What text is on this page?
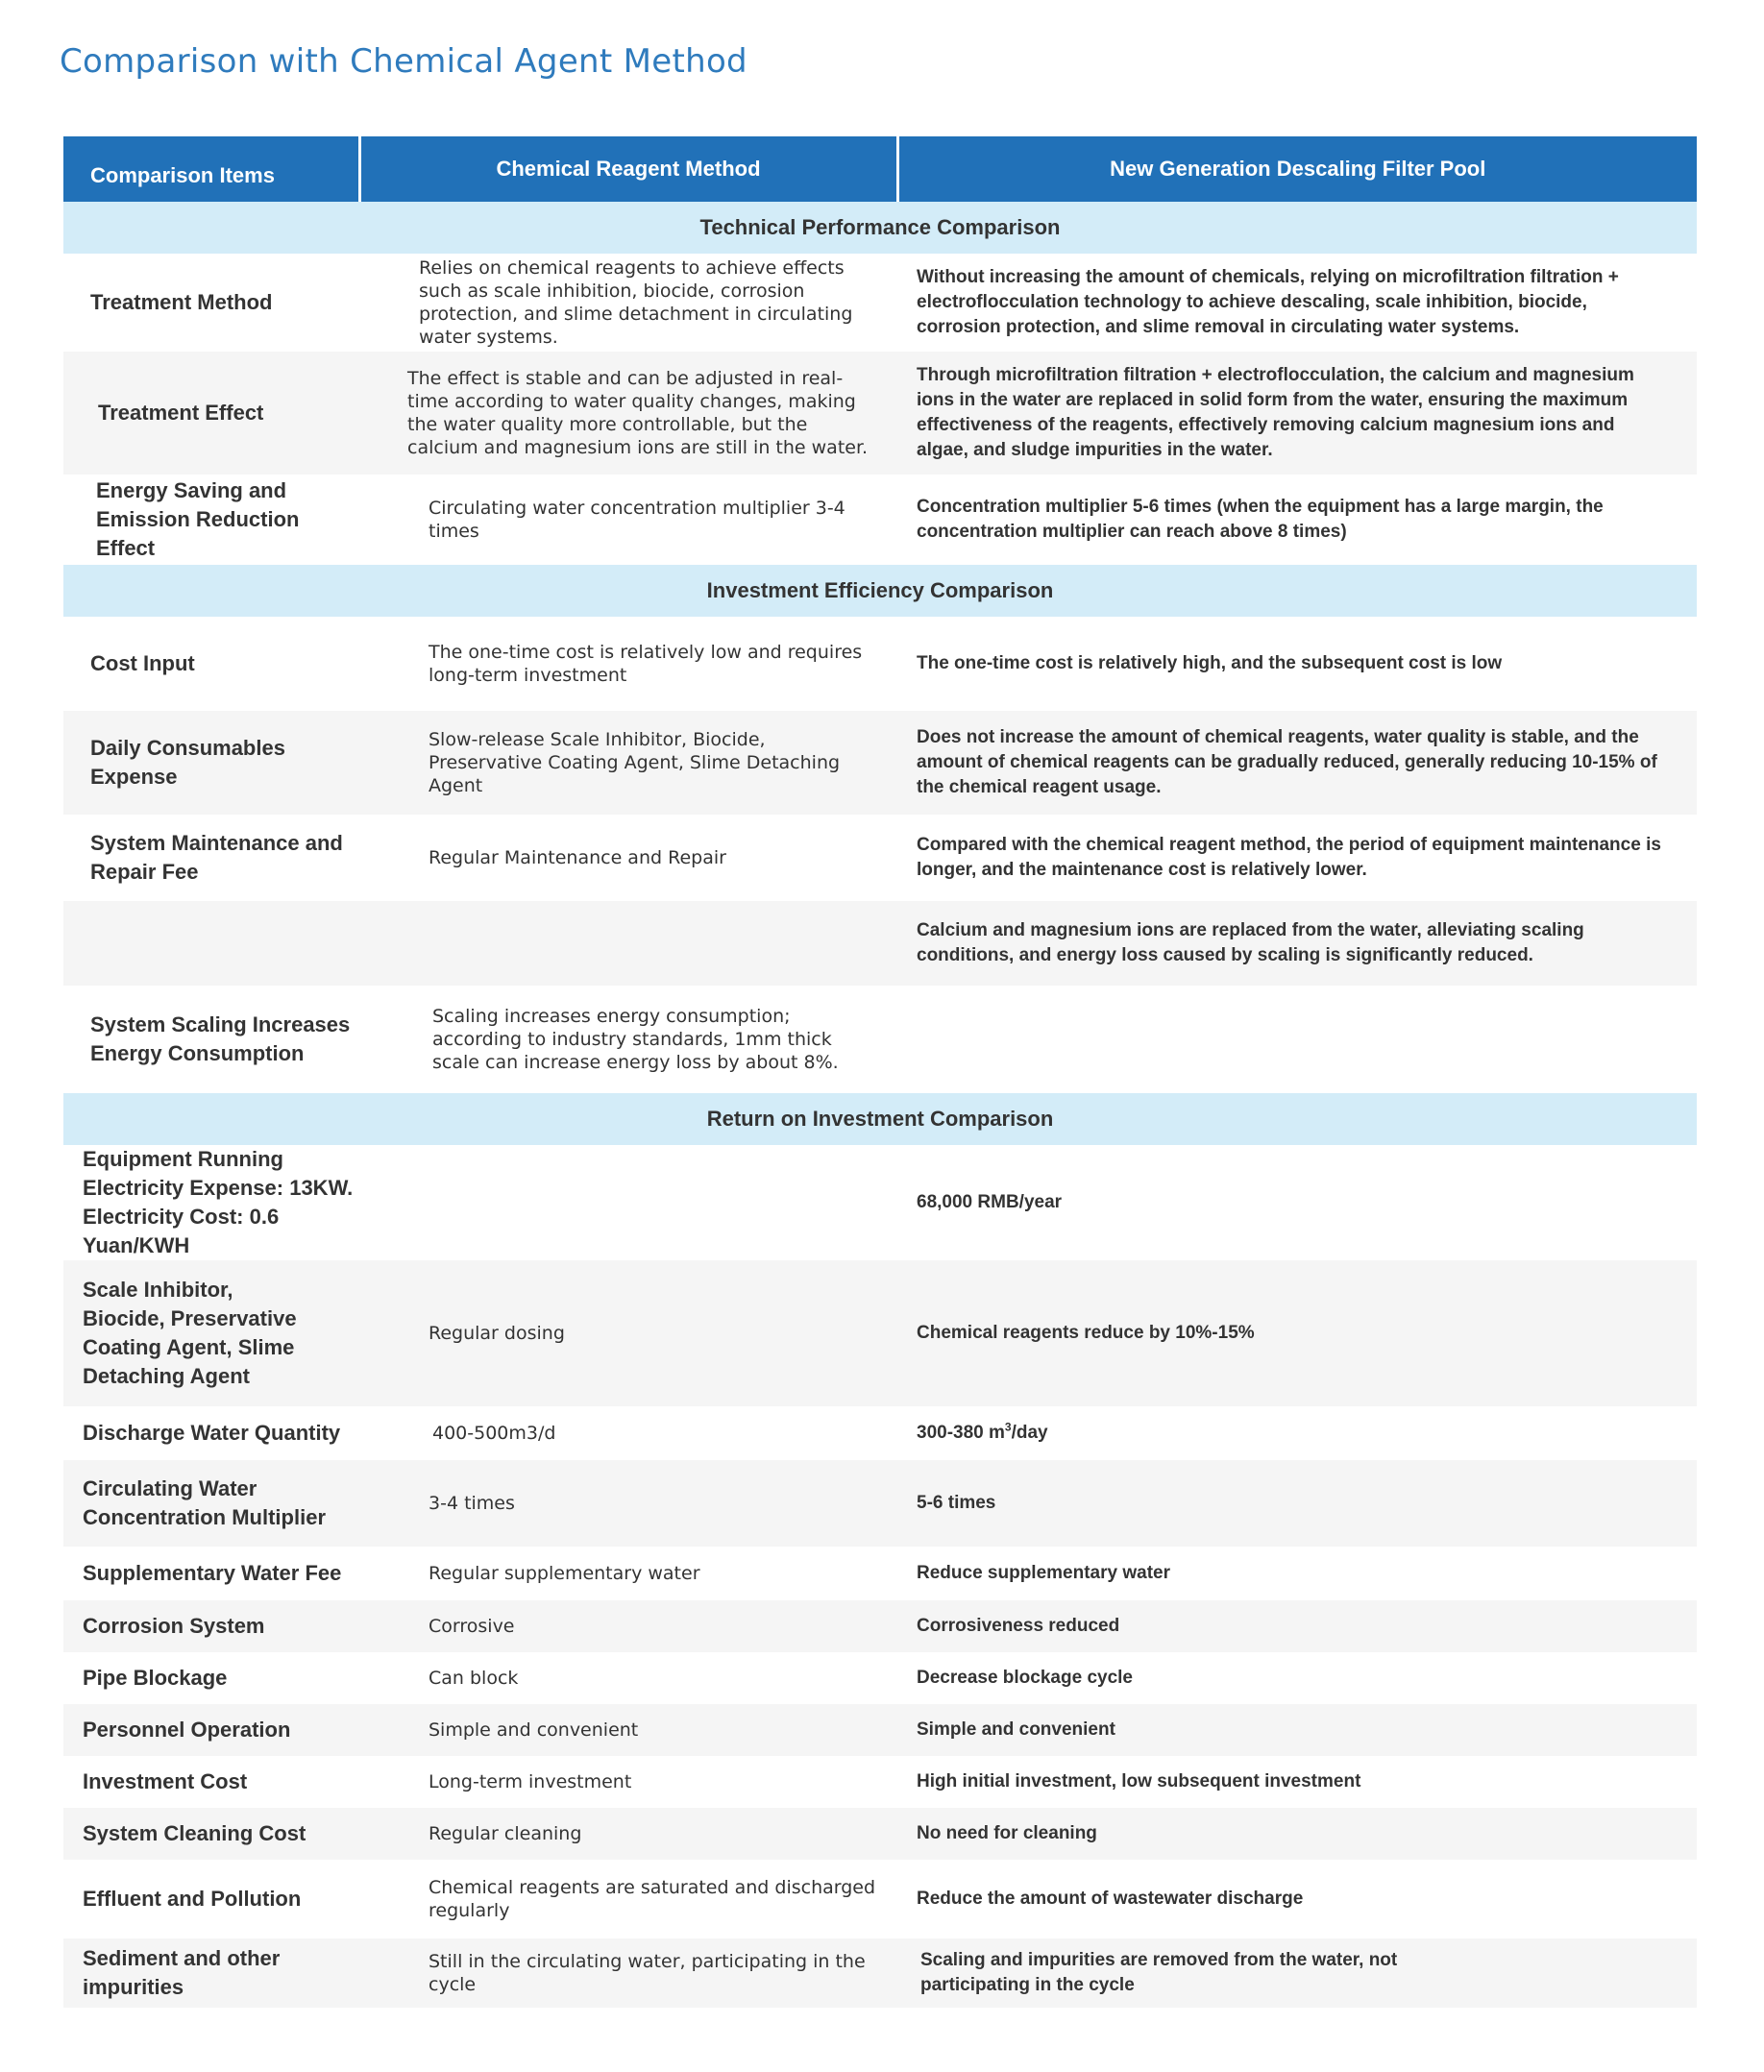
Comparison with Chemical Agent Method
Comparison Items	Chemical Reagent Method	New Generation Descaling Filter Pool
Technical Performance Comparison		
Treatment Method	Relies on chemical reagents to achieve effects such as scale inhibition, biocide, corrosion protection, and slime detachment in circulating water systems.	Without increasing the amount of chemicals, relying on microfiltration filtration + electroflocculation technology to achieve descaling, scale inhibition, biocide, corrosion protection, and slime removal in circulating water systems.
Treatment Effect	The effect is stable and can be adjusted in real-time according to water quality changes, making the water quality more controllable, but the calcium and magnesium ions are still in the water.	Through microfiltration filtration + electroflocculation, the calcium and magnesium ions in the water are replaced in solid form from the water, ensuring the maximum effectiveness of the reagents, effectively removing calcium magnesium ions and algae, and sludge impurities in the water.
Energy Saving and Emission Reduction Effect	Circulating water concentration multiplier 3-4 times	Concentration multiplier 5-6 times (when the equipment has a large margin, the concentration multiplier can reach above 8 times)
Investment Efficiency Comparison		
Cost Input	The one-time cost is relatively low and requires long-term investment	The one-time cost is relatively high, and the subsequent cost is low
Daily Consumables Expense	Slow-release Scale Inhibitor, Biocide, Preservative Coating Agent, Slime Detaching Agent	Does not increase the amount of chemical reagents, water quality is stable, and the amount of chemical reagents can be gradually reduced, generally reducing 10-15% of the chemical reagent usage.
System Maintenance and Repair Fee	Regular Maintenance and Repair	Compared with the chemical reagent method, the period of equipment maintenance is longer, and the maintenance cost is relatively lower.
		Calcium and magnesium ions are replaced from the water, alleviating scaling conditions, and energy loss caused by scaling is significantly reduced.
System Scaling Increases Energy Consumption	Scaling increases energy consumption; according to industry standards, 1mm thick scale can increase energy loss by about 8%.	
Return on Investment Comparison		
Equipment Running Electricity Expense: 13KW. Electricity Cost: 0.6 Yuan/KWH		68,000 RMB/year
Scale Inhibitor, Biocide, Preservative Coating Agent, Slime Detaching Agent	Regular dosing	Chemical reagents reduce by 10%-15%
Discharge Water Quantity	400-500m3/d	300-380 $m^3$/day
Circulating Water Concentration Multiplier	3-4 times	5-6 times
Supplementary Water Fee	Regular supplementary water	Reduce supplementary water
Corrosion System	Corrosive	Corrosiveness reduced
Pipe Blockage	Can block	Decrease blockage cycle
Personnel Operation	Simple and convenient	Simple and convenient
Investment Cost	Long-term investment	High initial investment, low subsequent investment
System Cleaning Cost	Regular cleaning	No need for cleaning
Effluent and Pollution	Chemical reagents are saturated and discharged regularly	Reduce the amount of wastewater discharge
Sediment and other impurities	Still in the circulating water, participating in the cycle	Scaling and impurities are removed from the water, not participating in the cycle
